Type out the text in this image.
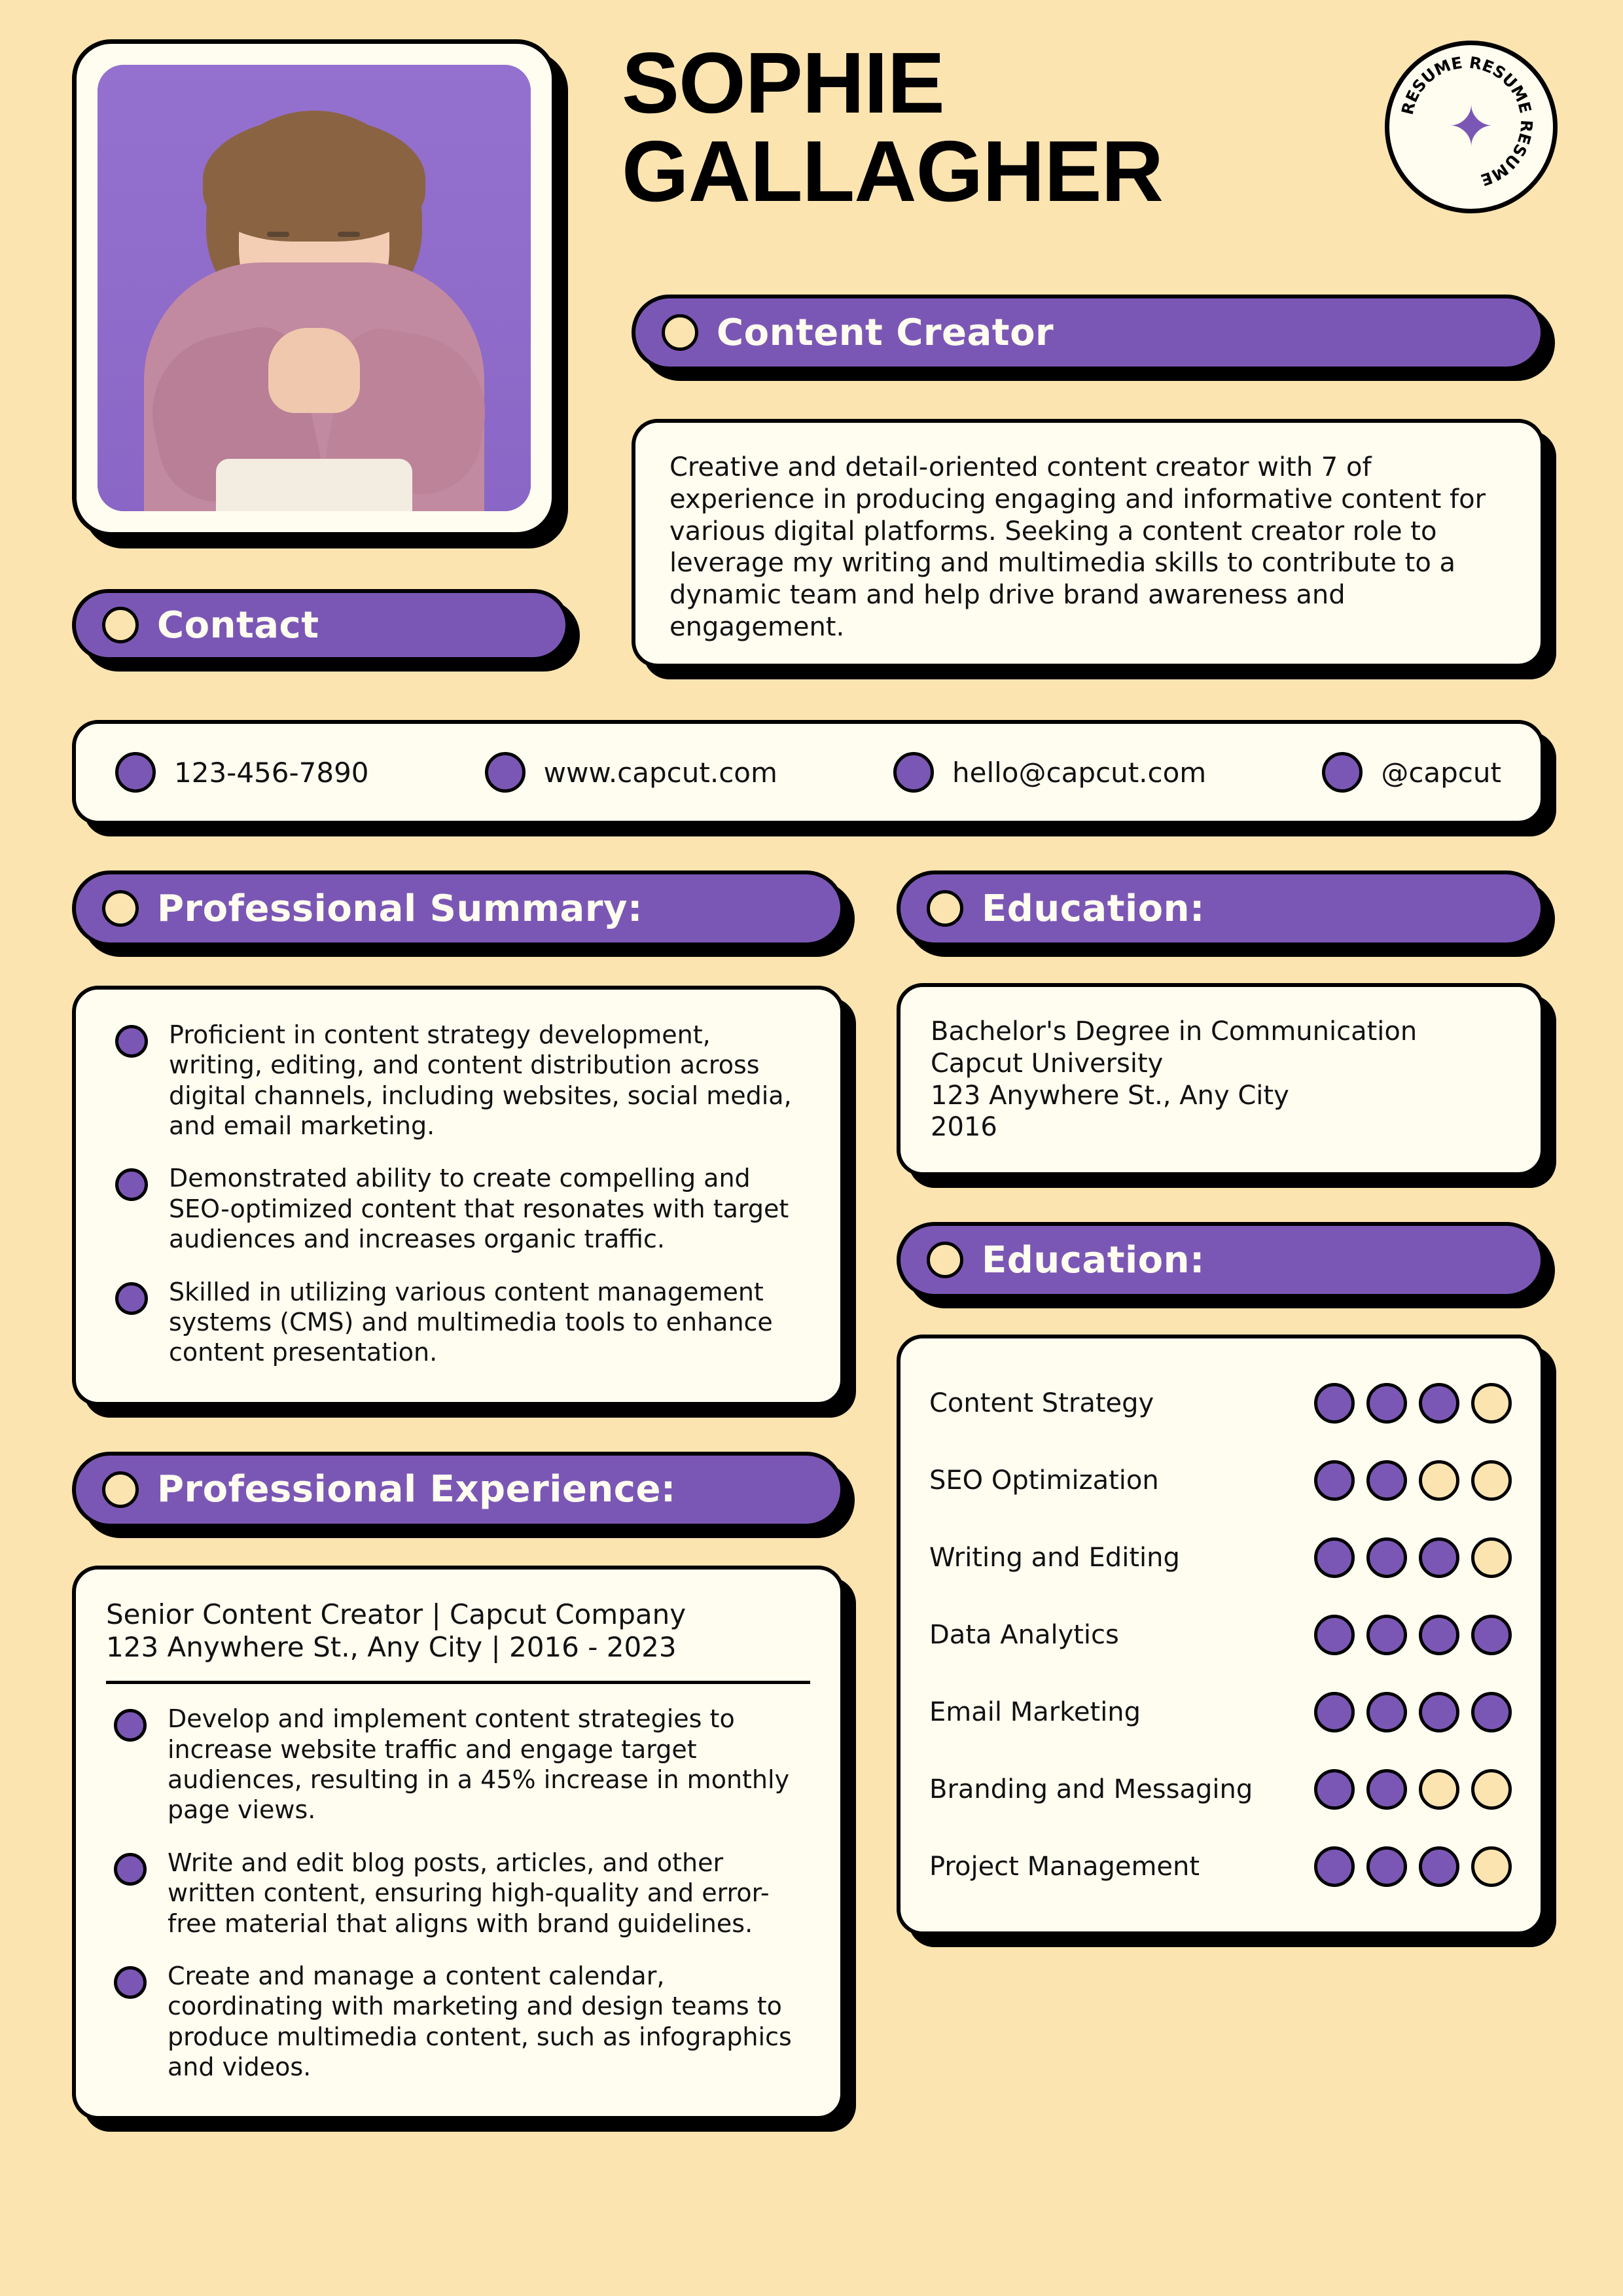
SOPHIE
GALLAGHER
RESUME RESUME RESUME
✦
Content Creator
Creative and detail-oriented content creator with 7 of experience in producing engaging and informative content for various digital platforms. Seeking a content creator role to leverage my writing and multimedia skills to contribute to a dynamic team and help drive brand awareness and engagement.
Contact
123-456-7890	www.capcut.com	hello@capcut.com	@capcut
Professional Summary:
Proficient in content strategy development, writing, editing, and content distribution across digital channels, including websites, social media, and email marketing.
Demonstrated ability to create compelling and SEO-optimized content that resonates with target audiences and increases organic traffic.
Skilled in utilizing various content management systems (CMS) and multimedia tools to enhance content presentation.
Professional Experience:
Senior Content Creator | Capcut Company
123 Anywhere St., Any City | 2016 - 2023
Develop and implement content strategies to increase website traffic and engage target audiences, resulting in a 45% increase in monthly page views.
Write and edit blog posts, articles, and other written content, ensuring high-quality and error-free material that aligns with brand guidelines.
Create and manage a content calendar, coordinating with marketing and design teams to produce multimedia content, such as infographics and videos.
Education:
Bachelor's Degree in Communication
Capcut University
123 Anywhere St., Any City
2016
Education:
Content Strategy
SEO Optimization
Writing and Editing
Data Analytics
Email Marketing
Branding and Messaging
Project Management
